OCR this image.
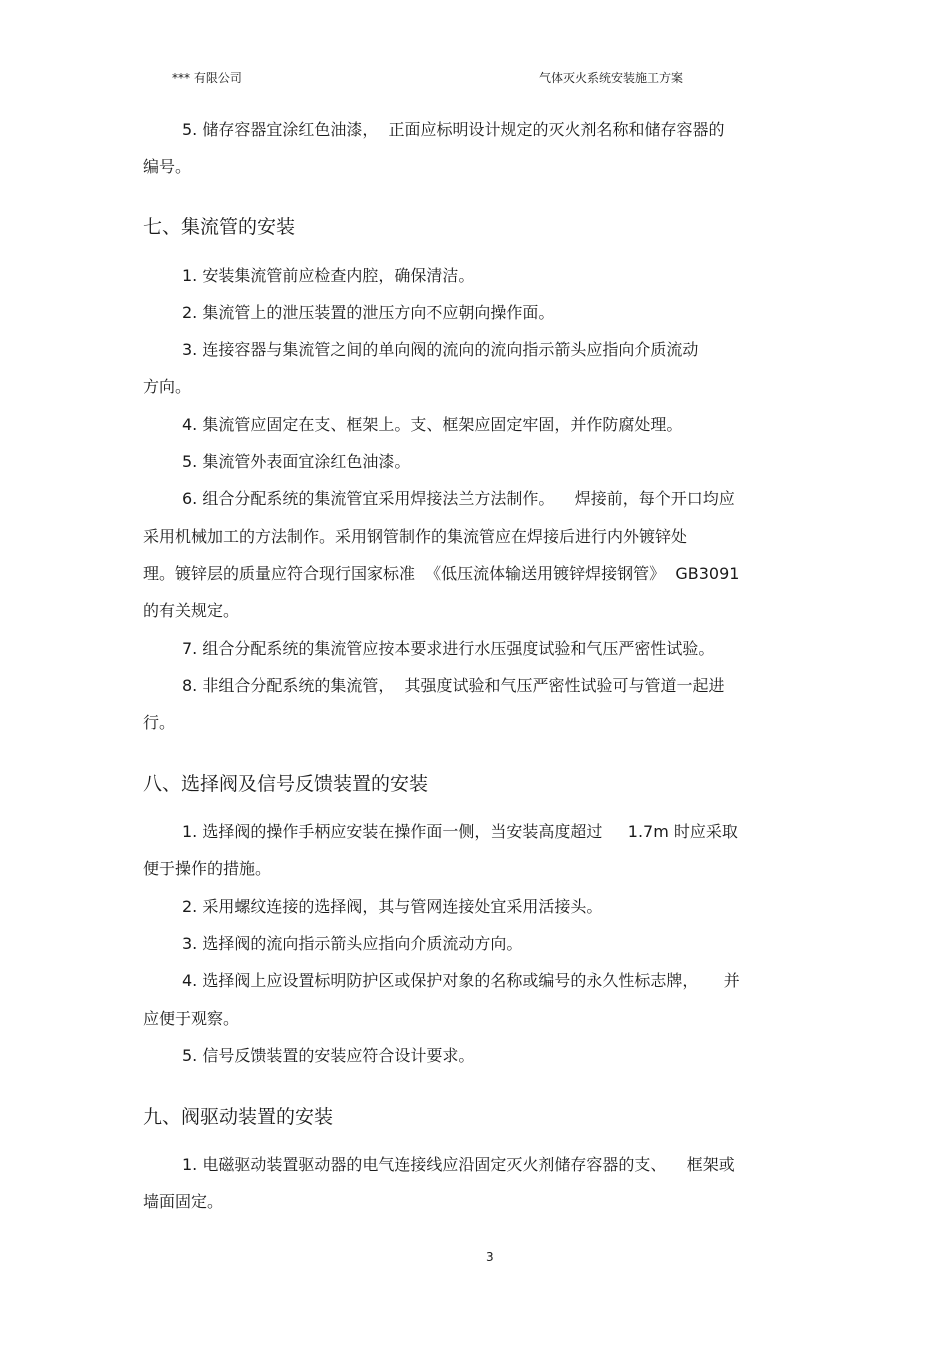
*** 有限公司	气体灭火系统安装施工方案
5. 储存容器宜涂红色油漆，  正面应标明设计规定的灭火剂名称和储存容器的
编号。
七、集流管的安装
1. 安装集流管前应检查内腔，确保清洁。
2. 集流管上的泄压装置的泄压方向不应朝向操作面。
3. 连接容器与集流管之间的单向阀的流向的流向指示箭头应指向介质流动
方向。
4. 集流管应固定在支、框架上。支、框架应固定牢固，并作防腐处理。
5. 集流管外表面宜涂红色油漆。
6. 组合分配系统的集流管宜采用焊接法兰方法制作。    焊接前，每个开口均应
采用机械加工的方法制作。采用钢管制作的集流管应在焊接后进行内外镀锌处
理。镀锌层的质量应符合现行国家标准  《低压流体输送用镀锌焊接钢管》  GB3091
的有关规定。
7. 组合分配系统的集流管应按本要求进行水压强度试验和气压严密性试验。
8. 非组合分配系统的集流管，  其强度试验和气压严密性试验可与管道一起进
行。
八、选择阀及信号反馈装置的安装
1. 选择阀的操作手柄应安装在操作面一侧，当安装高度超过     1.7m 时应采取
便于操作的措施。
2. 采用螺纹连接的选择阀，其与管网连接处宜采用活接头。
3. 选择阀的流向指示箭头应指向介质流动方向。
4. 选择阀上应设置标明防护区或保护对象的名称或编号的永久性标志牌，     并
应便于观察。
5. 信号反馈装置的安装应符合设计要求。
九、阀驱动装置的安装
1. 电磁驱动装置驱动器的电气连接线应沿固定灭火剂储存容器的支、    框架或
墙面固定。
3
